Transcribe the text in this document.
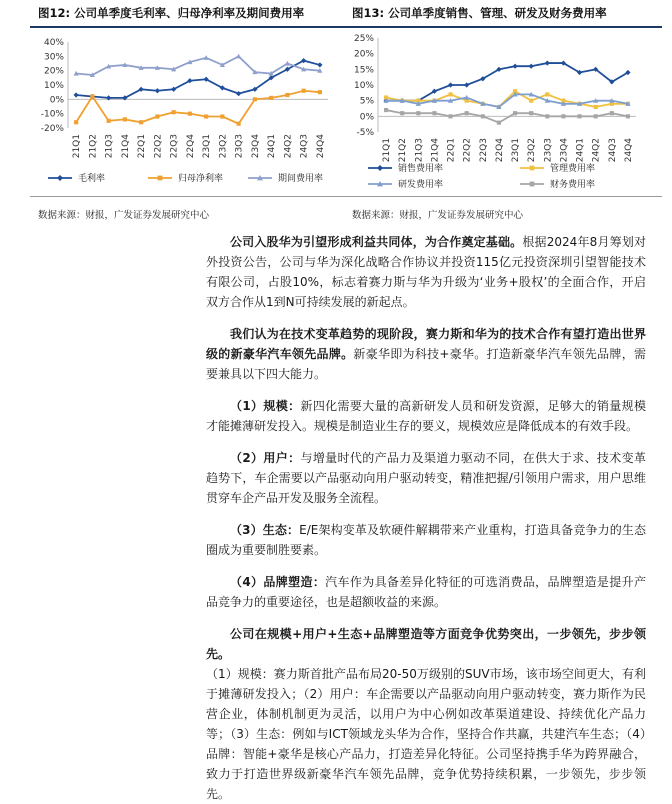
图12: 公司单季度毛利率、归母净利率及期间费用率
40%
30%
20%
10%
0%
-10%
-20%
21Q1 21Q2 21Q3 21Q4 22Q1 22Q2 22Q3 22Q4 23Q1 23Q2 23Q3 23Q4 24Q1 24Q2 24Q3 24Q4
毛利率	归母净利率	期间费用率
数据来源：财报，广发证券发展研究中心
图13: 公司单季度销售、管理、研发及财务费用率
25%
20%
15%
10%
5%
0%
-5%
21Q1 21Q2 21Q3 21Q4 22Q1 22Q2 22Q3 22Q4 23Q1 23Q2 23Q3 23Q4 24Q1 24Q2 24Q3 24Q4
销售费用率	管理费用率
研发费用率	财务费用率
数据来源：财报，广发证券发展研究中心

公司入股华为引望形成利益共同体，为合作奠定基础。根据2024年8月筹划对外投资公告，公司与华为深化战略合作协议并投资115亿元投资深圳引望智能技术有限公司，占股10%，标志着赛力斯与华为升级为‘业务+股权’的全面合作，开启双方合作从1到N可持续发展的新起点。

我们认为在技术变革趋势的现阶段，赛力斯和华为的技术合作有望打造出世界级的新豪华汽车领先品牌。新豪华即为科技+豪华。打造新豪华汽车领先品牌，需要兼具以下四大能力。

（1）规模：新四化需要大量的高新研发人员和研发资源，足够大的销量规模才能摊薄研发投入。规模是制造业生存的要义，规模效应是降低成本的有效手段。

（2）用户：与增量时代的产品力及渠道力驱动不同，在供大于求、技术变革趋势下，车企需要以产品驱动向用户驱动转变，精准把握/引领用户需求，用户思维贯穿车企产品开发及服务全流程。

（3）生态：E/E架构变革及软硬件解耦带来产业重构，打造具备竞争力的生态圈成为重要制胜要素。

（4）品牌塑造：汽车作为具备差异化特征的可选消费品，品牌塑造是提升产品竞争力的重要途径，也是超额收益的来源。

公司在规模+用户+生态+品牌塑造等方面竞争优势突出，一步领先，步步领先。
（1）规模：赛力斯首批产品布局20-50万级别的SUV市场，该市场空间更大，有利于摊薄研发投入；（2）用户：车企需要以产品驱动向用户驱动转变，赛力斯作为民营企业，体制机制更为灵活，以用户为中心例如改革渠道建设、持续优化产品力等；（3）生态：例如与ICT领域龙头华为合作，坚持合作共赢，共建汽车生态；（4）品牌：智能+豪华是核心产品力，打造差异化特征。公司坚持携手华为跨界融合，致力于打造世界级新豪华汽车领先品牌，竞争优势持续积累，一步领先，步步领先。
